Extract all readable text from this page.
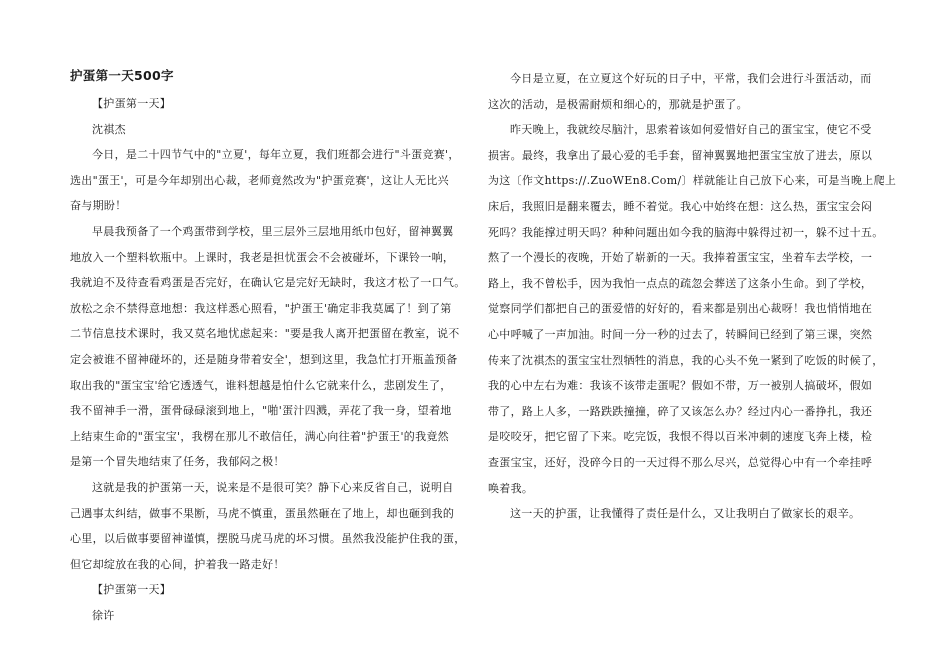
护蛋第一天500字
【护蛋第一天】
沈祺杰
今日，是二十四节气中的"立夏'，每年立夏，我们班都会进行"斗蛋竞赛'，
选出"蛋王'，可是今年却别出心裁，老师竟然改为"护蛋竞赛'，这让人无比兴
奋与期盼！
早晨我预备了一个鸡蛋带到学校，里三层外三层地用纸巾包好，留神翼翼
地放入一个塑料软瓶中。上课时，我老是担忧蛋会不会被碰坏，下课铃一响，
我就迫不及待查看鸡蛋是否完好，在确认它是完好无缺时，我这才松了一口气。
放松之余不禁得意地想：我这样悉心照看，"护蛋王'确定非我莫属了！到了第
二节信息技术课时，我又莫名地忧虑起来："要是我人离开把蛋留在教室，说不
定会被谁不留神碰坏的，还是随身带着安全'，想到这里，我急忙打开瓶盖预备
取出我的"蛋宝宝'给它透透气，谁料想越是怕什么它就来什么，悲剧发生了，
我不留神手一滑，蛋骨碌碌滚到地上，"啪'蛋汁四溅，弄花了我一身，望着地
上结束生命的"蛋宝宝'，我楞在那儿不敢信任，满心向往着"护蛋王'的我竟然
是第一个冒失地结束了任务，我郁闷之极！
这就是我的护蛋第一天，说来是不是很可笑？静下心来反省自己，说明自
己遇事太纠结，做事不果断，马虎不慎重，蛋虽然砸在了地上，却也砸到我的
心里，以后做事要留神谨慎，摆脱马虎马虎的坏习惯。虽然我没能护住我的蛋，
但它却绽放在我的心间，护着我一路走好！
【护蛋第一天】
徐许
今日是立夏，在立夏这个好玩的日子中，平常，我们会进行斗蛋活动，而
这次的活动，是极需耐烦和细心的，那就是护蛋了。
昨天晚上，我就绞尽脑汁，思索着该如何爱惜好自己的蛋宝宝，使它不受
损害。最终，我拿出了最心爱的毛手套，留神翼翼地把蛋宝宝放了进去，原以
为这〔作文https://.ZuoWEn8.Com/〕样就能让自己放下心来，可是当晚上爬上
床后，我照旧是翻来覆去，睡不着觉。我心中始终在想：这么热，蛋宝宝会闷
死吗？我能撑过明天吗？种种问题出如今我的脑海中躲得过初一，躲不过十五。
熬了一个漫长的夜晚，开始了崭新的一天。我捧着蛋宝宝，坐着车去学校，一
路上，我不曾松手，因为我怕一点点的疏忽会葬送了这条小生命。到了学校，
觉察同学们都把自己的蛋爱惜的好好的，看来都是别出心裁呀！我也悄悄地在
心中呼喊了一声加油。时间一分一秒的过去了，转瞬间已经到了第三课，突然
传来了沈祺杰的蛋宝宝壮烈牺牲的消息，我的心头不免一紧到了吃饭的时候了，
我的心中左右为难：我该不该带走蛋呢？假如不带，万一被别人搞破坏，假如
带了，路上人多，一路跌跌撞撞，碎了又该怎么办？经过内心一番挣扎，我还
是咬咬牙，把它留了下来。吃完饭，我恨不得以百米冲刺的速度飞奔上楼，检
查蛋宝宝，还好，没碎今日的一天过得不那么尽兴，总觉得心中有一个牵挂呼
唤着我。
这一天的护蛋，让我懂得了责任是什么，又让我明白了做家长的艰辛。
